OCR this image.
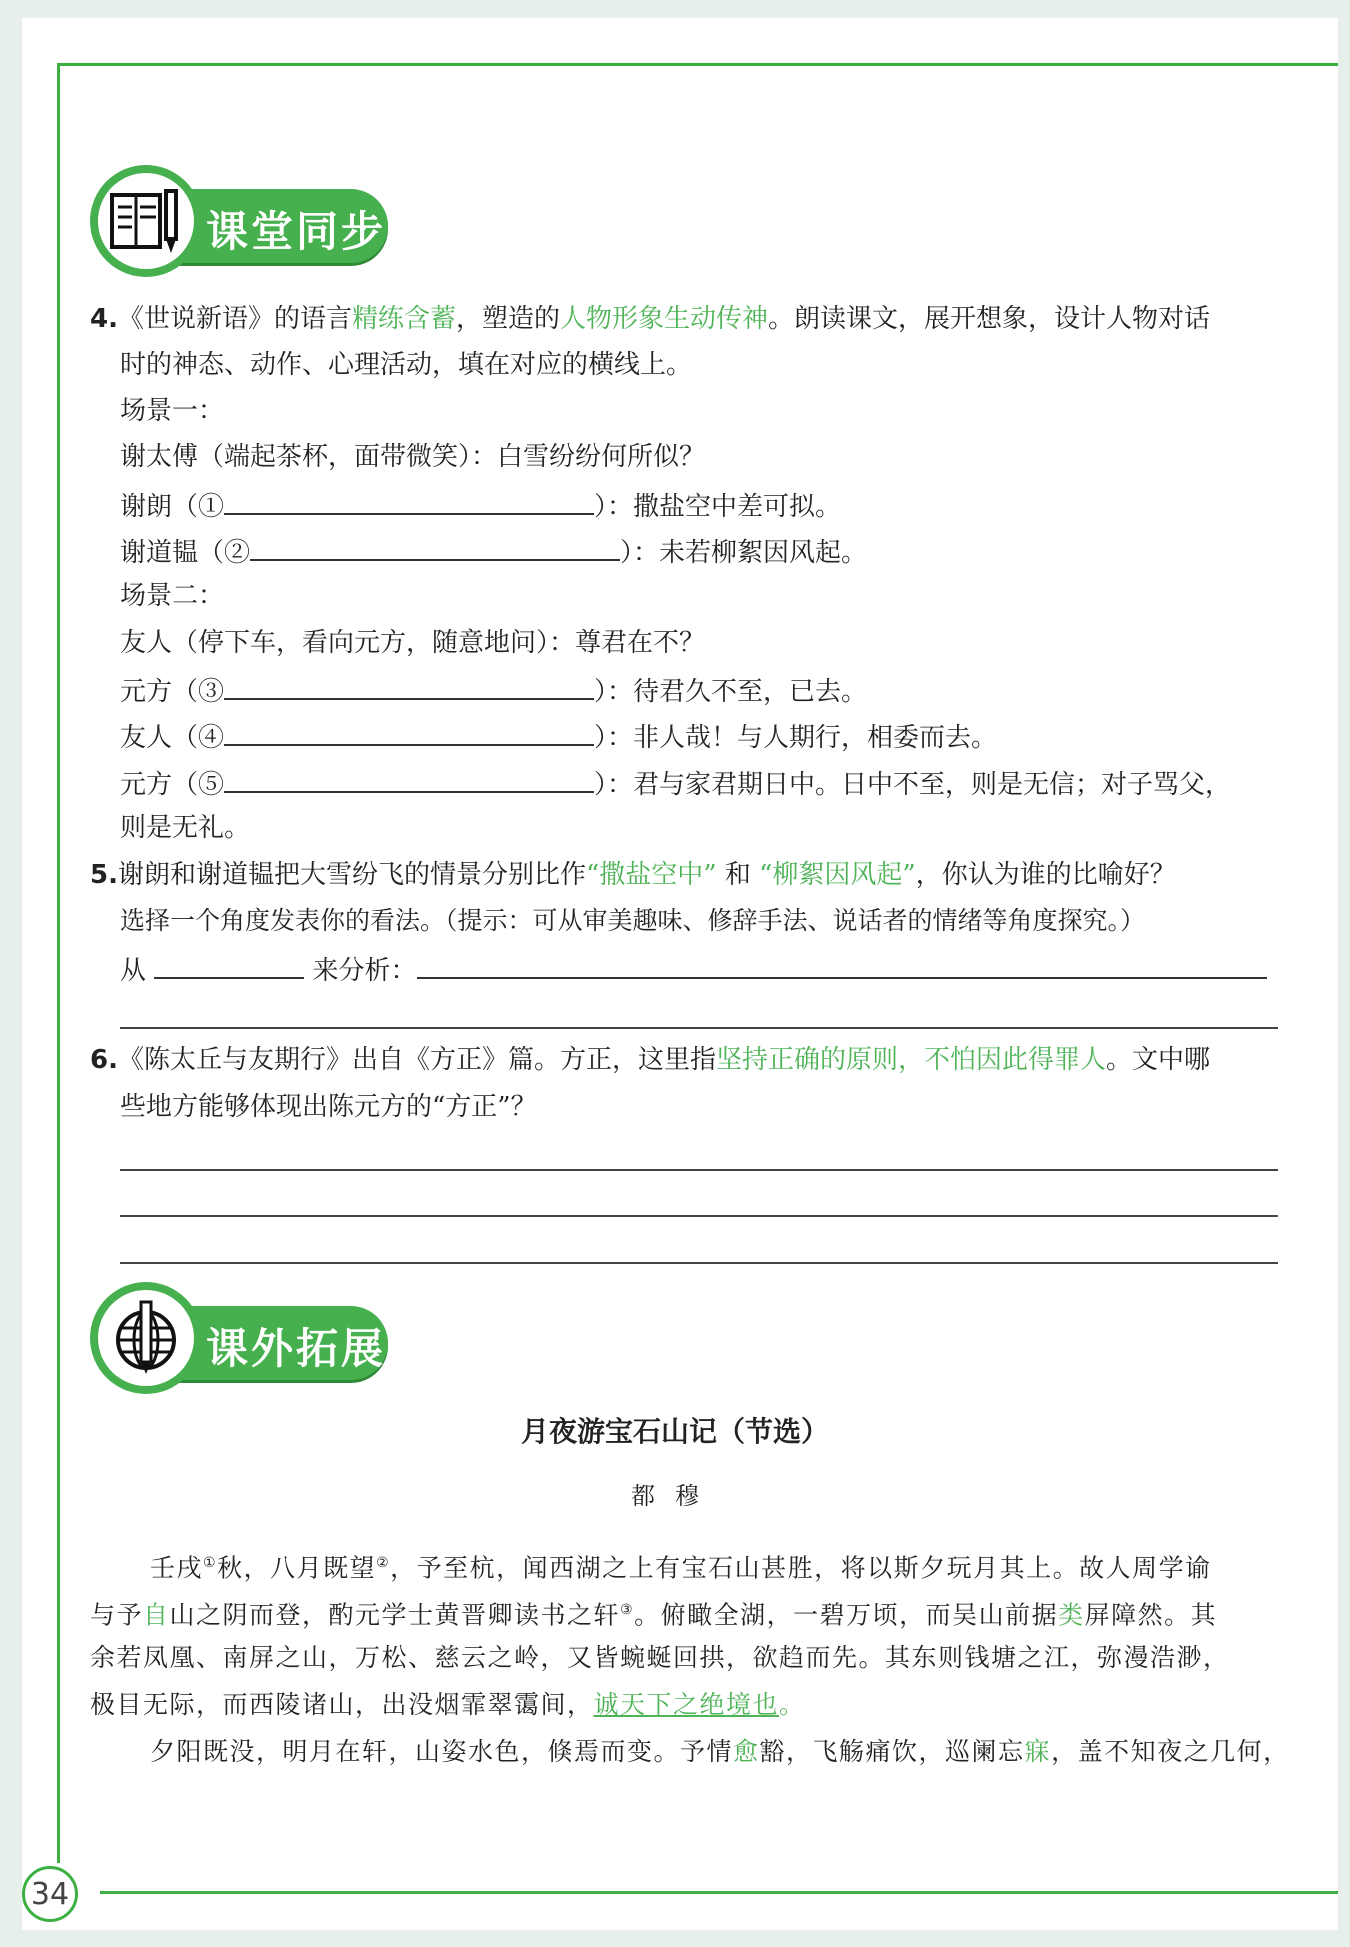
34
课堂同步
4.《世说新语》的语言精练含蓄，塑造的人物形象生动传神。朗读课文，展开想象，设计人物对话
时的神态、动作、心理活动，填在对应的横线上。
场景一：
谢太傅（端起茶杯，面带微笑）：白雪纷纷何所似？
谢朗（①	）：撒盐空中差可拟。
谢道韫（②	）：未若柳絮因风起。
场景二：
友人（停下车，看向元方，随意地问）：尊君在不？
元方（③	）：待君久不至，已去。
友人（④	）：非人哉！与人期行，相委而去。
元方（⑤	）：君与家君期日中。日中不至，则是无信；对子骂父，
则是无礼。
5.谢朗和谢道韫把大雪纷飞的情景分别比作“撒盐空中” 和 “柳絮因风起”，你认为谁的比喻好？
选择一个角度发表你的看法。（提示：可从审美趣味、修辞手法、说话者的情绪等角度探究。）
从	来分析：
6.《陈太丘与友期行》出自《方正》篇。方正，这里指坚持正确的原则，不怕因此得罪人。文中哪
些地方能够体现出陈元方的“方正”？
课外拓展
月夜游宝石山记（节选）
都穆
壬戌①秋，八月既望②，予至杭，闻西湖之上有宝石山甚胜，将以斯夕玩月其上。故人周学谕
与予自山之阴而登，酌元学士黄晋卿读书之轩③。俯瞰全湖，一碧万顷，而吴山前据类屏障然。其
余若凤凰、南屏之山，万松、慈云之岭，又皆蜿蜒回拱，欲趋而先。其东则钱塘之江，弥漫浩渺，
极目无际，而西陵诸山，出没烟霏翠霭间，诚天下之绝境也。
夕阳既没，明月在轩，山姿水色，倏焉而变。予情愈豁，飞觞痛饮，巡阑忘寐，盖不知夜之几何，
